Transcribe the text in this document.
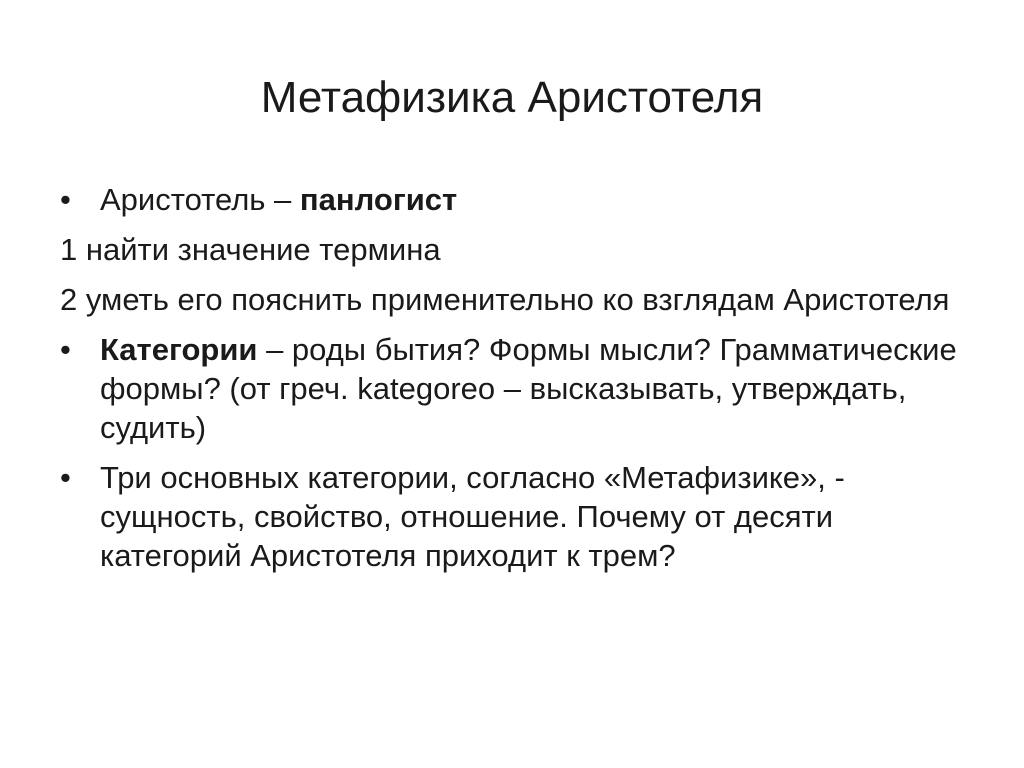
Метафизика Аристотеля
• Аристотель – панлогист
1 найти значение термина
2 уметь его пояснить применительно ко взглядам Аристотеля
• Категории – роды бытия? Формы мысли? Грамматические формы? (от греч. kategoreo – высказывать, утверждать, судить)
• Три основных категории, согласно «Метафизике», - сущность, свойство, отношение. Почему от десяти категорий Аристотеля приходит к трем?
